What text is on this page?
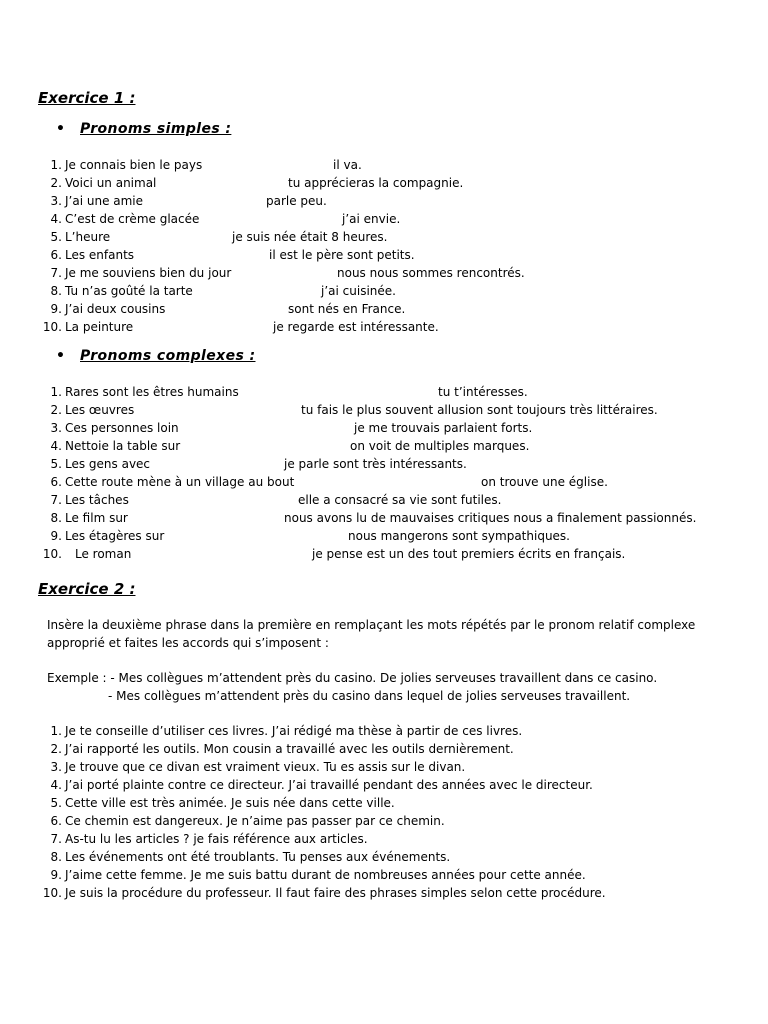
Exercice 1 :
• Pronoms simples :
1. Je connais bien le pays	il va.
2. Voici un animal	tu apprécieras la compagnie.
3. J’ai une amie	parle peu.
4. C’est de crème glacée	j’ai envie.
5. L’heure	je suis née était 8 heures.
6. Les enfants	il est le père sont petits.
7. Je me souviens bien du jour	nous nous sommes rencontrés.
8. Tu n’as goûté la tarte	j’ai cuisinée.
9. J’ai deux cousins	sont nés en France.
10. La peinture	je regarde est intéressante.
• Pronoms complexes :
1. Rares sont les êtres humains	tu t’intéresses.
2. Les œuvres	tu fais le plus souvent allusion sont toujours très littéraires.
3. Ces personnes loin	je me trouvais parlaient forts.
4. Nettoie la table sur	on voit de multiples marques.
5. Les gens avec	je parle sont très intéressants.
6. Cette route mène à un village au bout	on trouve une église.
7. Les tâches	elle a consacré sa vie sont futiles.
8. Le film sur	nous avons lu de mauvaises critiques nous a finalement passionnés.
9. Les étagères sur	nous mangerons sont sympathiques.
10. Le roman	je pense est un des tout premiers écrits en français.
Exercice 2 :
Insère la deuxième phrase dans la première en remplaçant les mots répétés par le pronom relatif complexe
approprié et faites les accords qui s’imposent :
Exemple : - Mes collègues m’attendent près du casino. De jolies serveuses travaillent dans ce casino.
- Mes collègues m’attendent près du casino dans lequel de jolies serveuses travaillent.
1. Je te conseille d’utiliser ces livres. J’ai rédigé ma thèse à partir de ces livres.
2. J’ai rapporté les outils. Mon cousin a travaillé avec les outils dernièrement.
3. Je trouve que ce divan est vraiment vieux. Tu es assis sur le divan.
4. J’ai porté plainte contre ce directeur. J’ai travaillé pendant des années avec le directeur.
5. Cette ville est très animée. Je suis née dans cette ville.
6. Ce chemin est dangereux. Je n’aime pas passer par ce chemin.
7. As-tu lu les articles ? je fais référence aux articles.
8. Les événements ont été troublants. Tu penses aux événements.
9. J’aime cette femme. Je me suis battu durant de nombreuses années pour cette année.
10. Je suis la procédure du professeur. Il faut faire des phrases simples selon cette procédure.
